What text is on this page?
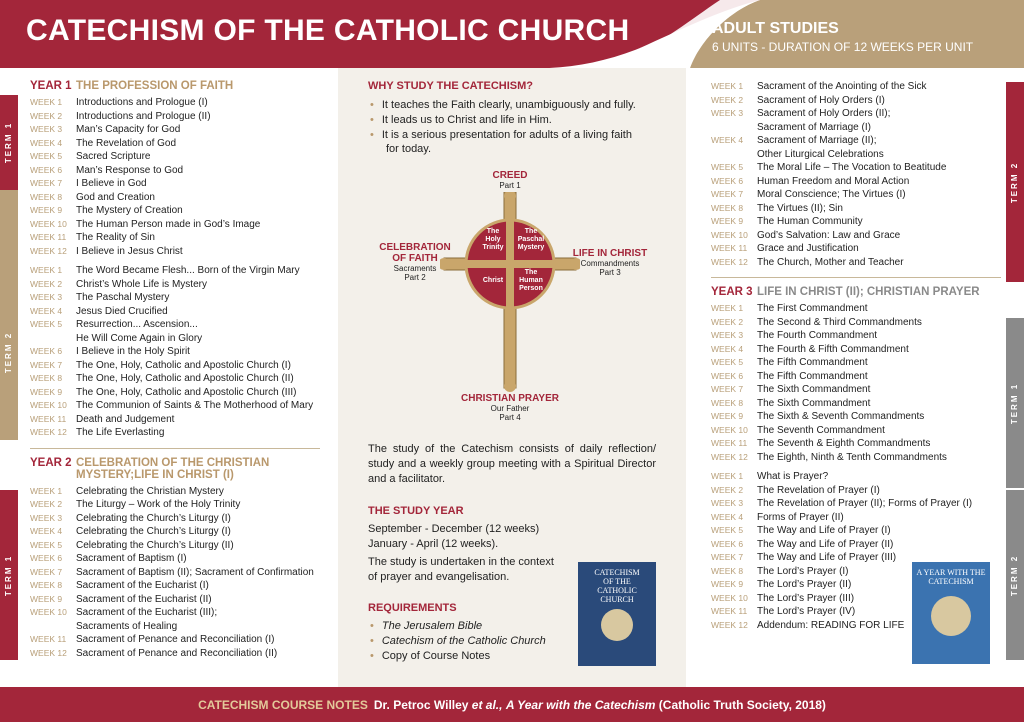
CATECHISM OF THE CATHOLIC CHURCH	ADULT STUDIES
6 UNITS - DURATION OF 12 WEEKS PER UNIT
TERM 1
TERM 2
TERM 1
TERM 2
TERM 1
TERM 2
YEAR 1 THE PROFESSION OF FAITH
WEEK 1	Introductions and Prologue (I)
WEEK 2	Introductions and Prologue (II)
WEEK 3	Man’s Capacity for God
WEEK 4	The Revelation of God
WEEK 5	Sacred Scripture
WEEK 6	Man’s Response to God
WEEK 7	I Believe in God
WEEK 8	God and Creation
WEEK 9	The Mystery of Creation
WEEK 10 The Human Person made in God’s Image
WEEK 11 The Reality of Sin
WEEK 12 I Believe in Jesus Christ
WEEK 1	The Word Became Flesh... Born of the Virgin Mary
WEEK 2	Christ’s Whole Life is Mystery
WEEK 3	The Paschal Mystery
WEEK 4	Jesus Died Crucified
WEEK 5	Resurrection... Ascension...
He Will Come Again in Glory
WEEK 6	I Believe in the Holy Spirit
WEEK 7	The One, Holy, Catholic and Apostolic Church (I)
WEEK 8	The One, Holy, Catholic and Apostolic Church (II)
WEEK 9	The One, Holy, Catholic and Apostolic Church (III)
WEEK 10 The Communion of Saints & The Motherhood of Mary
WEEK 11 Death and Judgement
WEEK 12 The Life Everlasting
YEAR 2 CELEBRATION OF THE CHRISTIAN MYSTERY;LIFE IN CHRIST (I)
WEEK 1	Celebrating the Christian Mystery
WEEK 2	The Liturgy – Work of the Holy Trinity
WEEK 3	Celebrating the Church’s Liturgy (I)
WEEK 4	Celebrating the Church’s Liturgy (I)
WEEK 5	Celebrating the Church’s Liturgy (II)
WEEK 6	Sacrament of Baptism (I)
WEEK 7	Sacrament of Baptism (II); Sacrament of Confirmation
WEEK 8	Sacrament of the Eucharist (I)
WEEK 9	Sacrament of the Eucharist (II)
WEEK 10 Sacrament of the Eucharist (III);
Sacraments of Healing
WEEK 11 Sacrament of Penance and Reconciliation (I)
WEEK 12 Sacrament of Penance and Reconciliation (II)
WHY STUDY THE CATECHISM?
• It teaches the Faith clearly, unambiguously and fully.
• It leads us to Christ and life in Him.
• It is a serious presentation for adults of a living faith
for today.
The
Holy
Trinity
The
Paschal
Mystery
Christ
The
Human
Person
CREED
Part 1
CELEBRATION
OF FAITH
Sacraments
Part 2
LIFE IN CHRIST
Commandments
Part 3
CHRISTIAN PRAYER
Our Father
Part 4
The study of the Catechism consists of daily reflection/ study and a weekly group meeting with a Spiritual Director and a facilitator.
THE STUDY YEAR
September - December (12 weeks)
January - April (12 weeks).
The study is undertaken in the context
of prayer and evangelisation.
REQUIREMENTS
• The Jerusalem Bible
• Catechism of the Catholic Church
• Copy of Course Notes
CATECHISM
OF THE
CATHOLIC
CHURCH
WEEK 1	Sacrament of the Anointing of the Sick
WEEK 2	Sacrament of Holy Orders (I)
WEEK 3	Sacrament of Holy Orders (II);
Sacrament of Marriage (I)
WEEK 4	Sacrament of Marriage (II);
Other Liturgical Celebrations
WEEK 5	The Moral Life – The Vocation to Beatitude
WEEK 6	Human Freedom and Moral Action
WEEK 7	Moral Conscience; The Virtues (I)
WEEK 8	The Virtues (II); Sin
WEEK 9	The Human Community
WEEK 10 God’s Salvation: Law and Grace
WEEK 11 Grace and Justification
WEEK 12 The Church, Mother and Teacher
YEAR 3 LIFE IN CHRIST (II); CHRISTIAN PRAYER
WEEK 1	The First Commandment
WEEK 2	The Second & Third Commandments
WEEK 3	The Fourth Commandment
WEEK 4	The Fourth & Fifth Commandment
WEEK 5	The Fifth Commandment
WEEK 6	The Fifth Commandment
WEEK 7	The Sixth Commandment
WEEK 8	The Sixth Commandment
WEEK 9	The Sixth & Seventh Commandments
WEEK 10 The Seventh Commandment
WEEK 11 The Seventh & Eighth Commandments
WEEK 12 The Eighth, Ninth & Tenth Commandments
WEEK 1	What is Prayer?
WEEK 2	The Revelation of Prayer (I)
WEEK 3	The Revelation of Prayer (II); Forms of Prayer (I)
WEEK 4	Forms of Prayer (II)
WEEK 5	The Way and Life of Prayer (I)
WEEK 6	The Way and Life of Prayer (II)
WEEK 7	The Way and Life of Prayer (III)
WEEK 8	The Lord’s Prayer (I)
WEEK 9	The Lord’s Prayer (II)
WEEK 10 The Lord’s Prayer (III)
WEEK 11 The Lord’s Prayer (IV)
WEEK 12 Addendum: READING FOR LIFE
A YEAR WITH THE
CATECHISM
CATECHISM COURSE NOTES Dr. Petroc Willey
et al.,
A Year with the Catechism
(Catholic Truth Society, 2018)
